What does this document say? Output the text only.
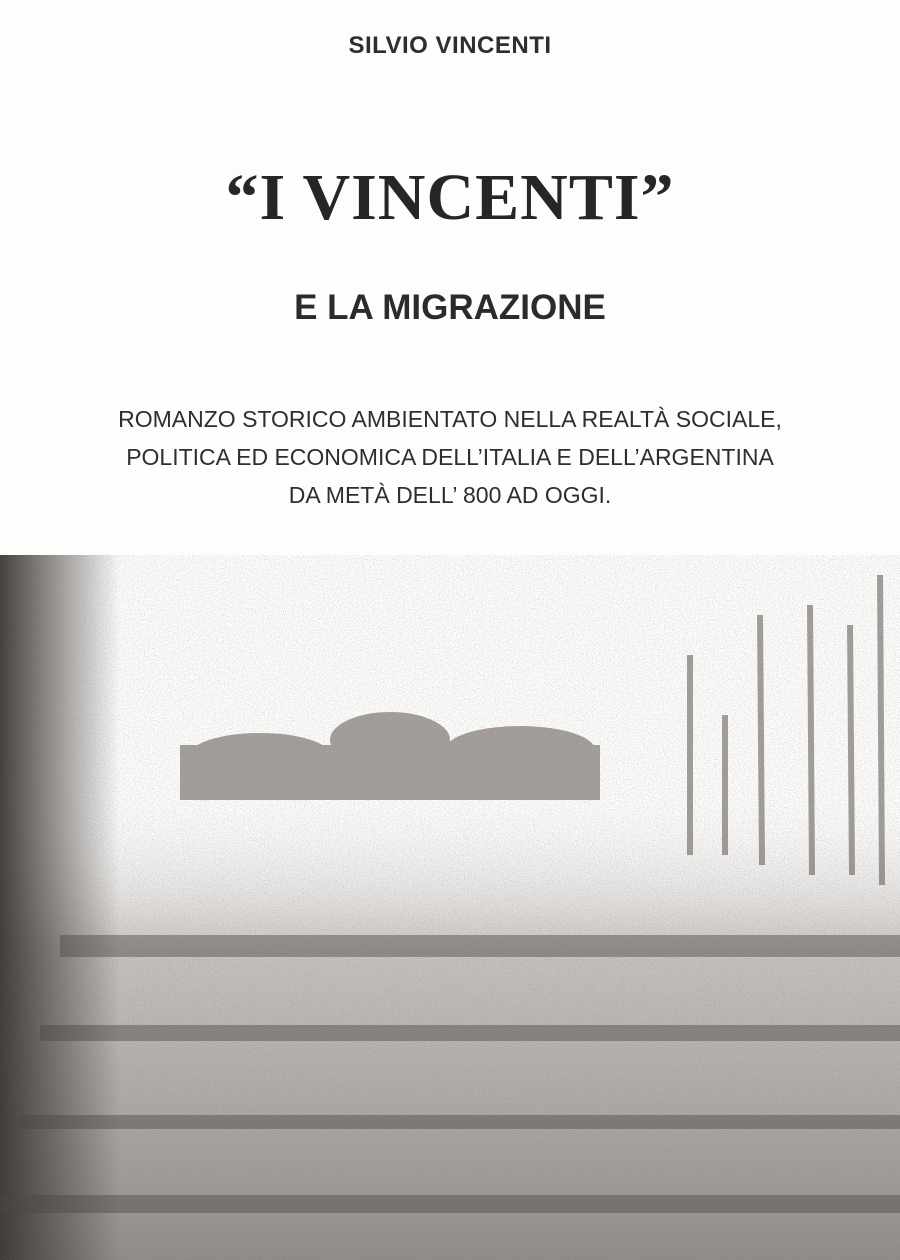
SILVIO VINCENTI
“I VINCENTI”
E LA MIGRAZIONE
ROMANZO STORICO AMBIENTATO NELLA REALTÀ SOCIALE,
POLITICA ED ECONOMICA DELL’ITALIA E DELL’ARGENTINA
DA METÀ DELL’ 800 AD OGGI.
